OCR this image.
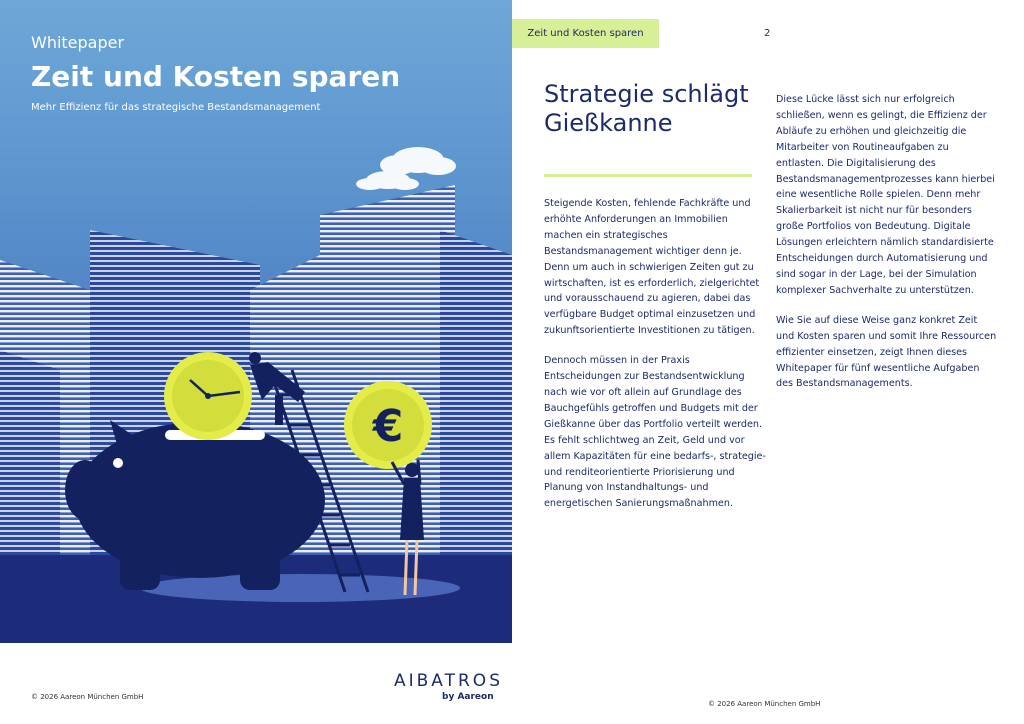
€

Whitepaper

Zeit und Kosten sparen

Mehr Effizienz für das strategische Bestandsmanagement

© 2026 Aareon München GmbH
AIBATROS
by Aareon
Zeit und Kosten sparen	2
Strategie schlägt Gießkanne

Steigende Kosten, fehlende Fachkräfte und erhöhte Anforderungen an Immobilien machen ein strategisches Bestandsmanagement wichtiger denn je. Denn um auch in schwierigen Zeiten gut zu wirtschaften, ist es erforderlich, zielgerichtet und vorausschauend zu agieren, dabei das verfügbare Budget optimal einzusetzen und zukunftsorientierte Investitionen zu tätigen.

Dennoch müssen in der Praxis Entscheidungen zur Bestandsentwicklung nach wie vor oft allein auf Grundlage des Bauchgefühls getroffen und Budgets mit der Gießkanne über das Portfolio verteilt werden. Es fehlt schlichtweg an Zeit, Geld und vor allem Kapazitäten für eine bedarfs-, strategie- und renditeorientierte Priorisierung und Planung von Instandhaltungs- und energetischen Sanierungsmaßnahmen.

Diese Lücke lässt sich nur erfolgreich schließen, wenn es gelingt, die Effizienz der Abläufe zu erhöhen und gleichzeitig die Mitarbeiter von Routineaufgaben zu entlasten. Die Digitalisierung des Bestandsmanagementprozesses kann hierbei eine wesentliche Rolle spielen. Denn mehr Skalierbarkeit ist nicht nur für besonders große Portfolios von Bedeutung. Digitale Lösungen erleichtern nämlich standardisierte Entscheidungen durch Automatisierung und sind sogar in der Lage, bei der Simulation komplexer Sachverhalte zu unterstützen.

Wie Sie auf diese Weise ganz konkret Zeit und Kosten sparen und somit Ihre Ressourcen effizienter einsetzen, zeigt Ihnen dieses Whitepaper für fünf wesentliche Aufgaben des Bestandsmanagements.

© 2026 Aareon München GmbH
